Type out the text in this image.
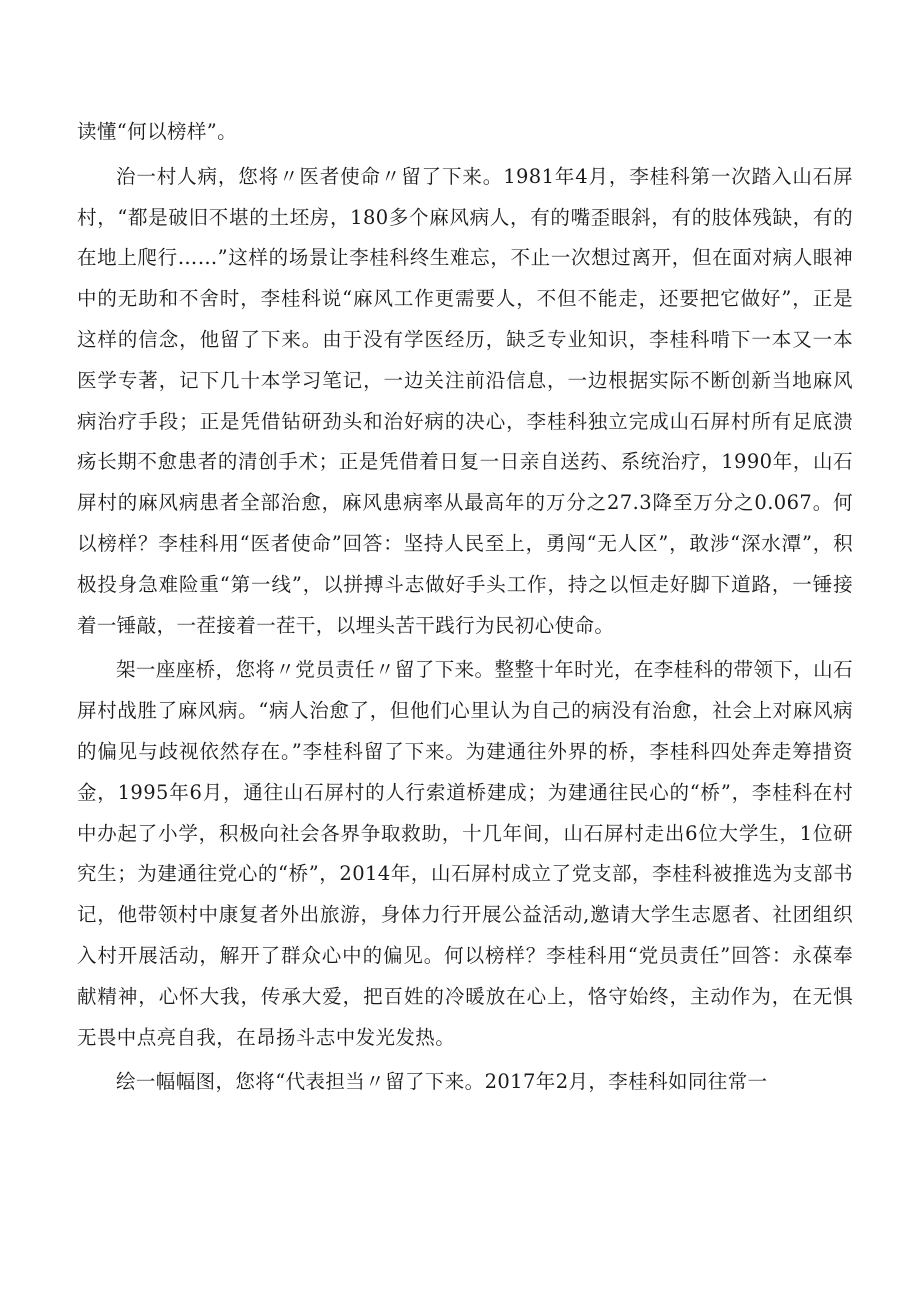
读懂“何以榜样”。

治一村人病，您将〃医者使命〃留了下来。1981年4月，李桂科第一次踏入山石屏村，“都是破旧不堪的土坯房，180多个麻风病人，有的嘴歪眼斜，有的肢体残缺，有的在地上爬行……”这样的场景让李桂科终生难忘，不止一次想过离开，但在面对病人眼神中的无助和不舍时，李桂科说“麻风工作更需要人，不但不能走，还要把它做好”，正是这样的信念，他留了下来。由于没有学医经历，缺乏专业知识，李桂科啃下一本又一本医学专著，记下几十本学习笔记，一边关注前沿信息，一边根据实际不断创新当地麻风病治疗手段；正是凭借钻研劲头和治好病的决心，李桂科独立完成山石屏村所有足底溃疡长期不愈患者的清创手术；正是凭借着日复一日亲自送药、系统治疗，1990年，山石屏村的麻风病患者全部治愈，麻风患病率从最高年的万分之27.3降至万分之0.067。何以榜样？李桂科用“医者使命”回答：坚持人民至上，勇闯“无人区”，敢涉“深水潭”，积极投身急难险重“第一线”，以拼搏斗志做好手头工作，持之以恒走好脚下道路，一锤接着一锤敲，一茬接着一茬干，以埋头苦干践行为民初心使命。

架一座座桥，您将〃党员责任〃留了下来。整整十年时光，在李桂科的带领下，山石屏村战胜了麻风病。“病人治愈了，但他们心里认为自己的病没有治愈，社会上对麻风病的偏见与歧视依然存在。”李桂科留了下来。为建通往外界的桥，李桂科四处奔走筹措资金，1995年6月，通往山石屏村的人行索道桥建成；为建通往民心的“桥”，李桂科在村中办起了小学，积极向社会各界争取救助，十几年间，山石屏村走出6位大学生，1位研究生；为建通往党心的“桥”，2014年，山石屏村成立了党支部，李桂科被推选为支部书记，他带领村中康复者外出旅游，身体力行开展公益活动,邀请大学生志愿者、社团组织入村开展活动，解开了群众心中的偏见。何以榜样？李桂科用“党员责任”回答：永葆奉献精神，心怀大我，传承大爱，把百姓的冷暖放在心上，恪守始终，主动作为，在无惧无畏中点亮自我，在昂扬斗志中发光发热。

绘一幅幅图，您将“代表担当〃留了下来。2017年2月，李桂科如同往常一
